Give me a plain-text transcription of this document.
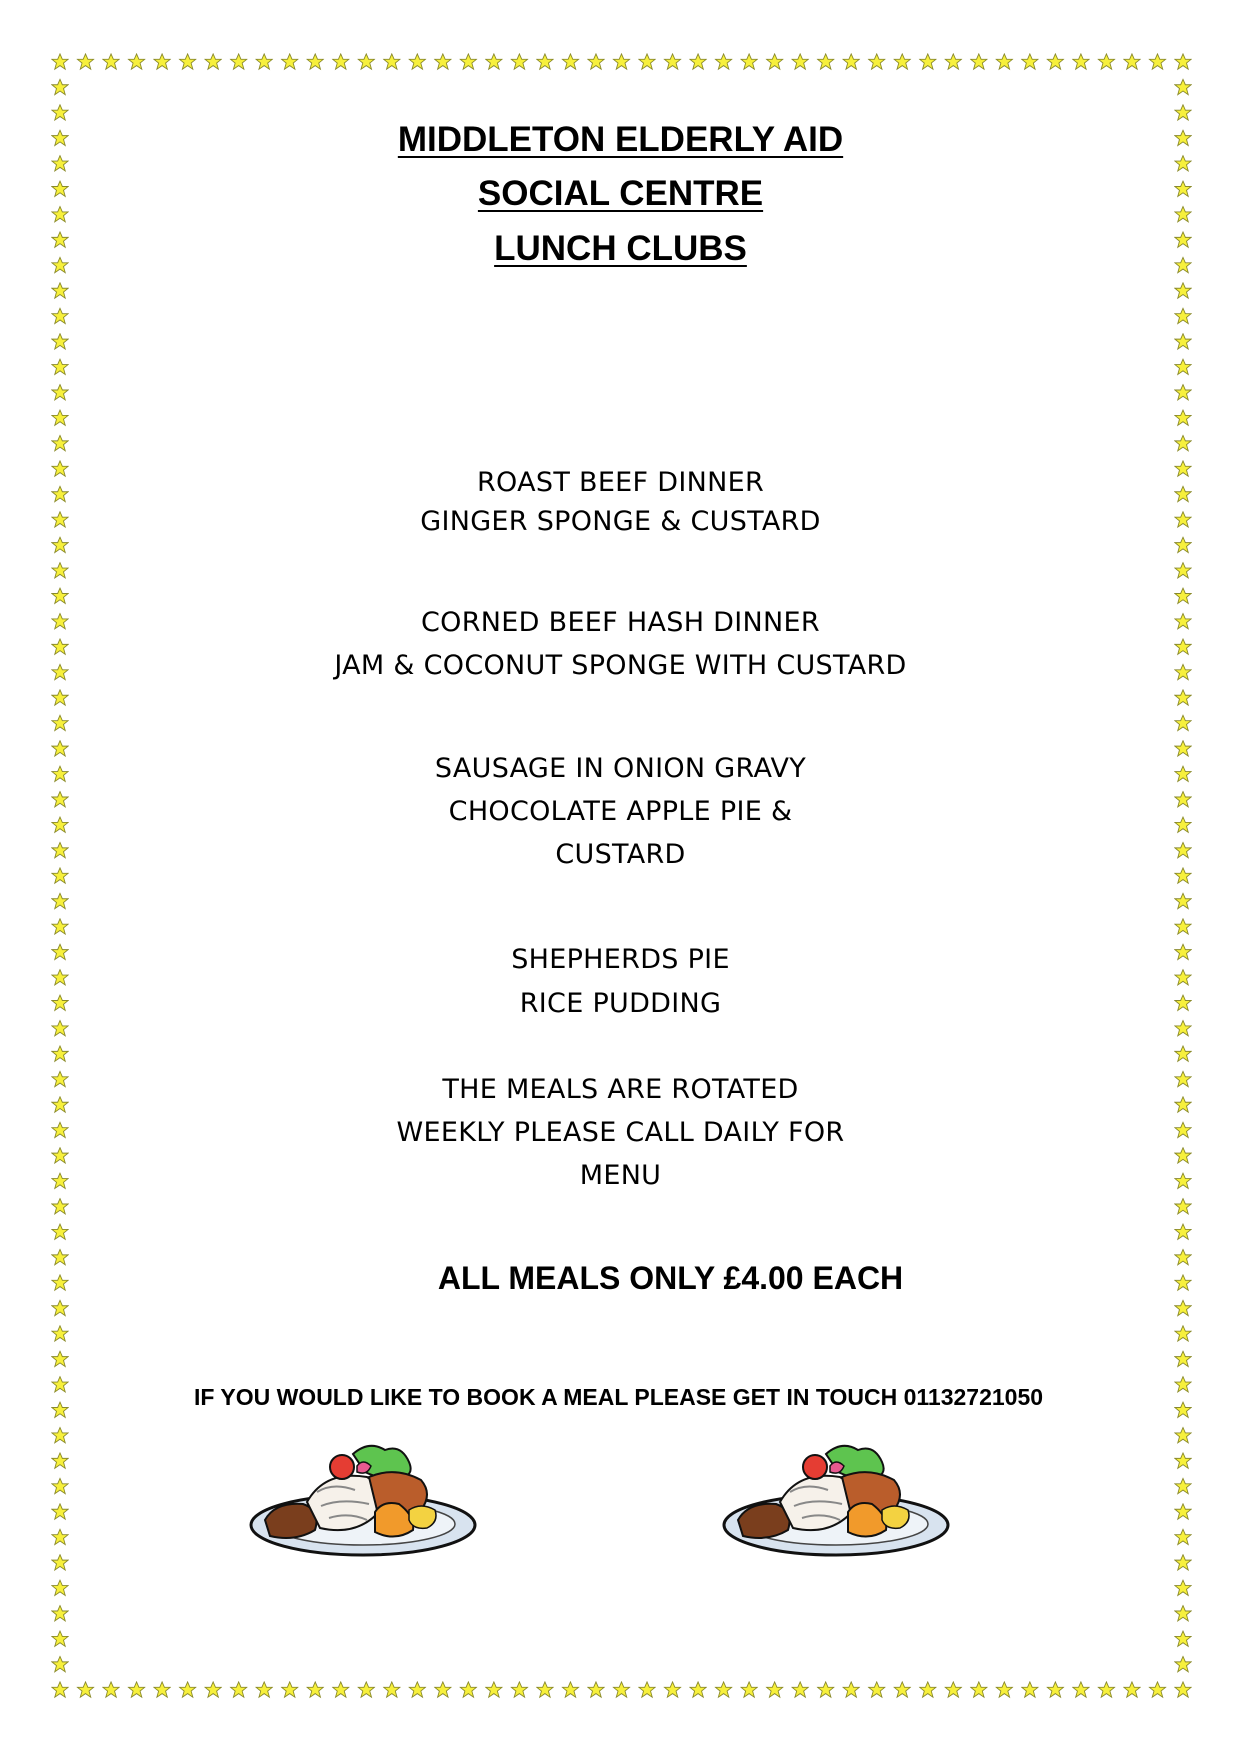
MIDDLETON ELDERLY AID
SOCIAL CENTRE
LUNCH CLUBS
ROAST BEEF DINNER
GINGER SPONGE & CUSTARD
CORNED BEEF HASH DINNER
JAM & COCONUT SPONGE WITH CUSTARD
SAUSAGE IN ONION GRAVY
CHOCOLATE APPLE PIE &
CUSTARD
SHEPHERDS PIE
RICE PUDDING
THE MEALS ARE ROTATED
WEEKLY PLEASE CALL DAILY FOR
MENU
ALL MEALS ONLY £4.00 EACH
IF YOU WOULD LIKE TO BOOK A MEAL PLEASE GET IN TOUCH 01132721050
